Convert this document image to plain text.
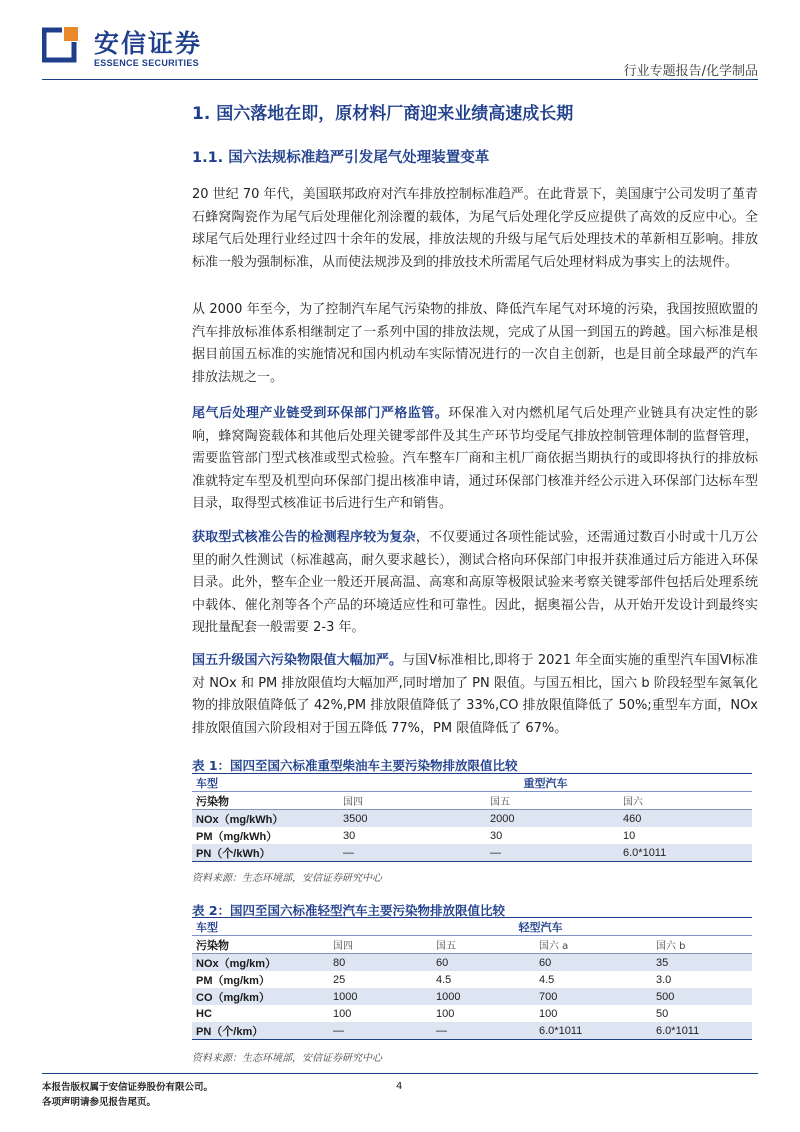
安信证券
ESSENCE SECURITIES
行业专题报告/化学制品
1. 国六落地在即，原材料厂商迎来业绩高速成长期
1.1. 国六法规标准趋严引发尾气处理装置变革
20 世纪 70 年代，美国联邦政府对汽车排放控制标准趋严。在此背景下，美国康宁公司发明了堇青石蜂窝陶瓷作为尾气后处理催化剂涂覆的载体，为尾气后处理化学反应提供了高效的反应中心。全球尾气后处理行业经过四十余年的发展，排放法规的升级与尾气后处理技术的革新相互影响。排放标准一般为强制标准，从而使法规涉及到的排放技术所需尾气后处理材料成为事实上的法规件。
从 2000 年至今，为了控制汽车尾气污染物的排放、降低汽车尾气对环境的污染，我国按照欧盟的汽车排放标准体系相继制定了一系列中国的排放法规，完成了从国一到国五的跨越。国六标准是根据目前国五标准的实施情况和国内机动车实际情况进行的一次自主创新，也是目前全球最严的汽车排放法规之一。
尾气后处理产业链受到环保部门严格监管。环保准入对内燃机尾气后处理产业链具有决定性的影响，蜂窝陶瓷载体和其他后处理关键零部件及其生产环节均受尾气排放控制管理体制的监督管理，需要监管部门型式核准或型式检验。汽车整车厂商和主机厂商依据当期执行的或即将执行的排放标准就特定车型及机型向环保部门提出核准申请，通过环保部门核准并经公示进入环保部门达标车型目录，取得型式核准证书后进行生产和销售。
获取型式核准公告的检测程序较为复杂，不仅要通过各项性能试验，还需通过数百小时或十几万公里的耐久性测试（标准越高，耐久要求越长），测试合格向环保部门申报并获准通过后方能进入环保目录。此外，整车企业一般还开展高温、高寒和高原等极限试验来考察关键零部件包括后处理系统中载体、催化剂等各个产品的环境适应性和可靠性。因此，据奥福公告，从开始开发设计到最终实现批量配套一般需要 2-3 年。
国五升级国六污染物限值大幅加严。与国Ⅴ标准相比,即将于 2021 年全面实施的重型汽车国Ⅵ标准对 NOx 和 PM 排放限值均大幅加严,同时增加了 PN 限值。与国五相比，国六 b 阶段轻型车氮氧化物的排放限值降低了 42%,PM 排放限值降低了 33%,CO 排放限值降低了 50%;重型车方面，NOx 排放限值国六阶段相对于国五降低 77%，PM 限值降低了 67%。
表 1：国四至国六标准重型柴油车主要污染物排放限值比较
车型	重型汽车		
污染物	国四	国五	国六
NOx（mg/kWh）	3500	2000	460
PM（mg/kWh）	30	30	10
PN（个/kWh）	—	—	6.0*1011
资料来源：生态环境部，安信证券研究中心
表 2：国四至国六标准轻型汽车主要污染物排放限值比较
车型	轻型汽车			
污染物	国四	国五	国六 a	国六 b
NOx（mg/km）	80	60	60	35
PM（mg/km）	25	4.5	4.5	3.0
CO（mg/km）	1000	1000	700	500
HC	100	100	100	50
PN（个/km）	—	—	6.0*1011	6.0*1011
资料来源：生态环境部，安信证券研究中心
本报告版权属于安信证券股份有限公司。
各项声明请参见报告尾页。
4
